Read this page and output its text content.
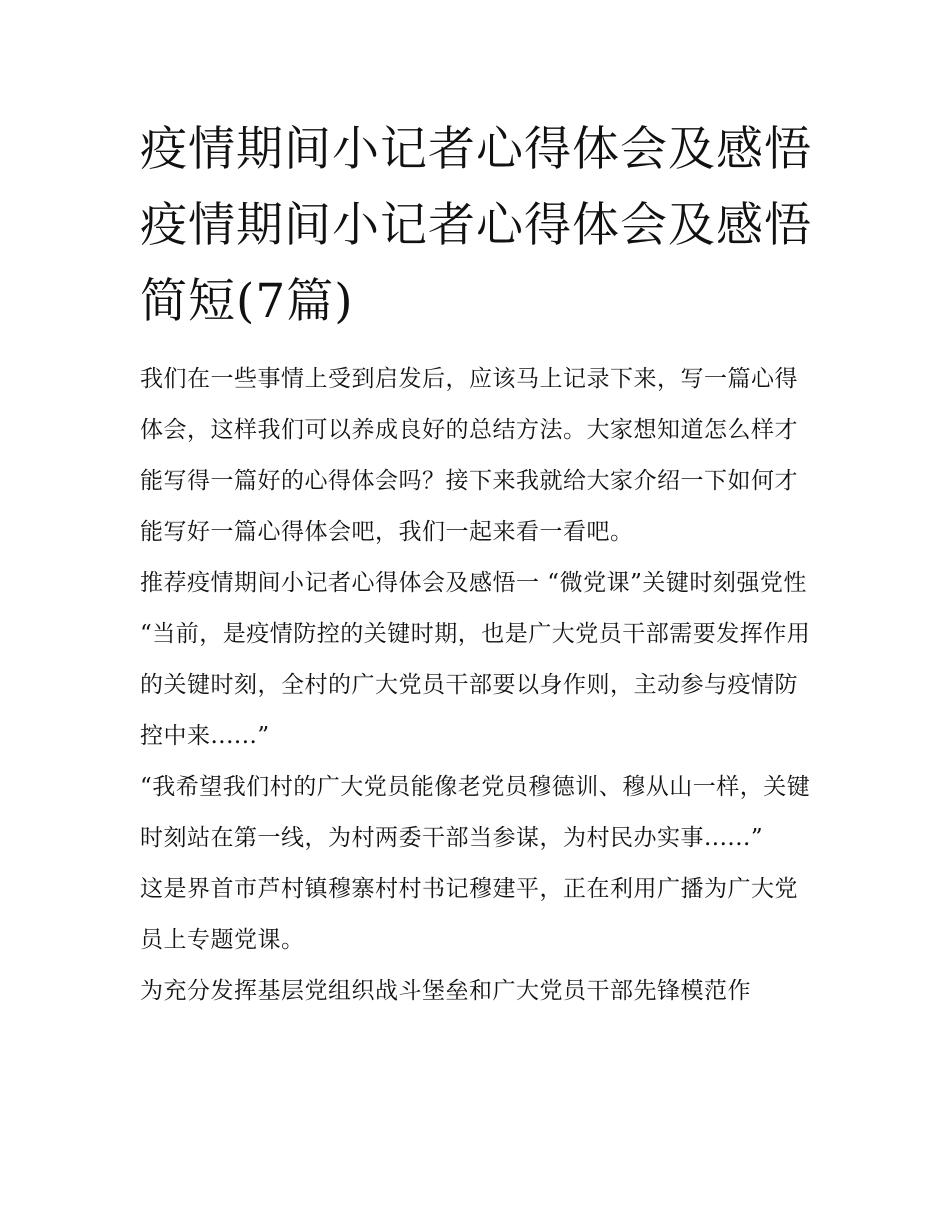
疫情期间小记者心得体会及感悟 疫情期间小记者心得体会及感悟简短(7篇)

我们在一些事情上受到启发后，应该马上记录下来，写一篇心得体会，这样我们可以养成良好的总结方法。大家想知道怎么样才能写得一篇好的心得体会吗？接下来我就给大家介绍一下如何才能写好一篇心得体会吧，我们一起来看一看吧。

推荐疫情期间小记者心得体会及感悟一 “微党课”关键时刻强党性

“当前，是疫情防控的关键时期，也是广大党员干部需要发挥作用的关键时刻，全村的广大党员干部要以身作则，主动参与疫情防控中来......”

“我希望我们村的广大党员能像老党员穆德训、穆从山一样，关键时刻站在第一线，为村两委干部当参谋，为村民办实事......”

这是界首市芦村镇穆寨村村书记穆建平，正在利用广播为广大党员上专题党课。

为充分发挥基层党组织战斗堡垒和广大党员干部先锋模范作
